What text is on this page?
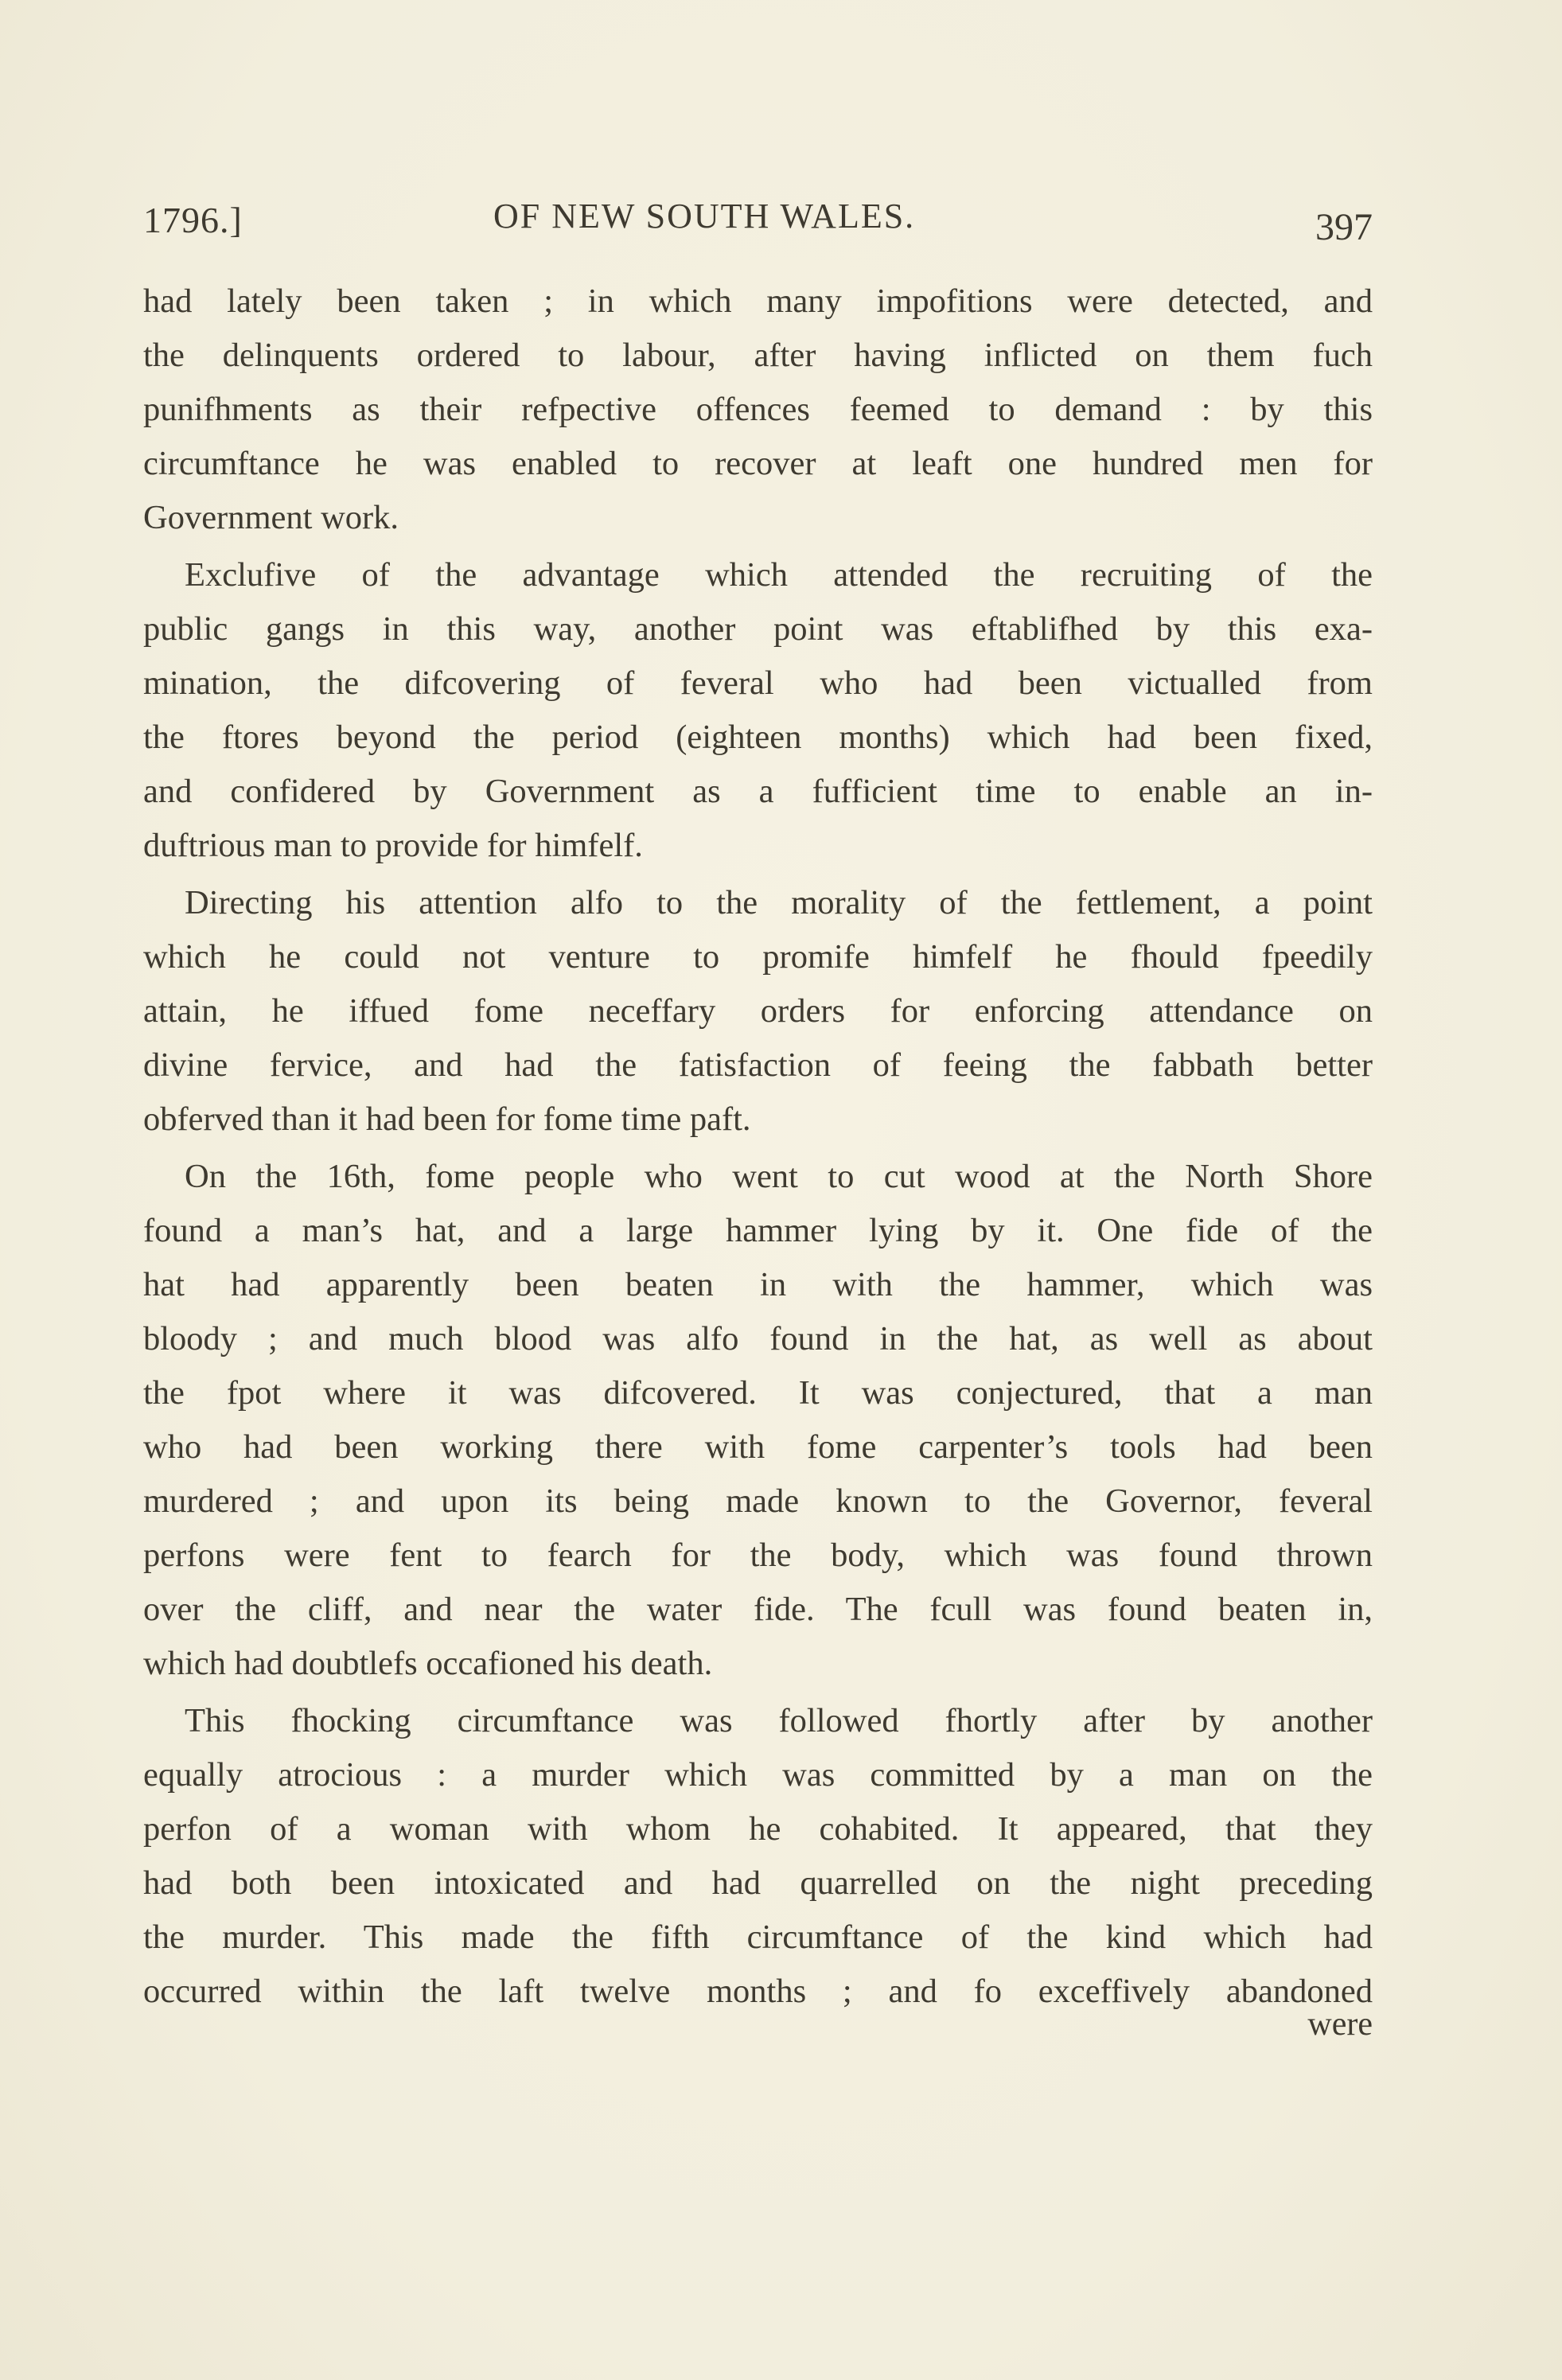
1796.]	OF NEW SOUTH WALES.	397

had lately been taken ; in which many impofitions were detected, and
the delinquents ordered to labour, after having inflicted on them fuch
punifhments as their refpective offences feemed to demand : by this
circumftance he was enabled to recover at leaft one hundred men for
Government work.

Exclufive of the advantage which attended the recruiting of the
public gangs in this way, another point was eftablifhed by this exa-
mination, the difcovering of feveral who had been victualled from
the ftores beyond the period (eighteen months) which had been fixed,
and confidered by Government as a fufficient time to enable an in-
duftrious man to provide for himfelf.

Directing his attention alfo to the morality of the fettlement, a point
which he could not venture to promife himfelf he fhould fpeedily
attain, he iffued fome neceffary orders for enforcing attendance on
divine fervice, and had the fatisfaction of feeing the fabbath better
obferved than it had been for fome time paft.

On the 16th, fome people who went to cut wood at the North Shore
found a man’s hat, and a large hammer lying by it. One fide of the
hat had apparently been beaten in with the hammer, which was
bloody ; and much blood was alfo found in the hat, as well as about
the fpot where it was difcovered. It was conjectured, that a man
who had been working there with fome carpenter’s tools had been
murdered ; and upon its being made known to the Governor, feveral
perfons were fent to fearch for the body, which was found thrown
over the cliff, and near the water fide. The fcull was found beaten in,
which had doubtlefs occafioned his death.

This fhocking circumftance was followed fhortly after by another
equally atrocious : a murder which was committed by a man on the
perfon of a woman with whom he cohabited. It appeared, that they
had both been intoxicated and had quarrelled on the night preceding
the murder. This made the fifth circumftance of the kind which had
occurred within the laft twelve months ; and fo exceffively abandoned

were
